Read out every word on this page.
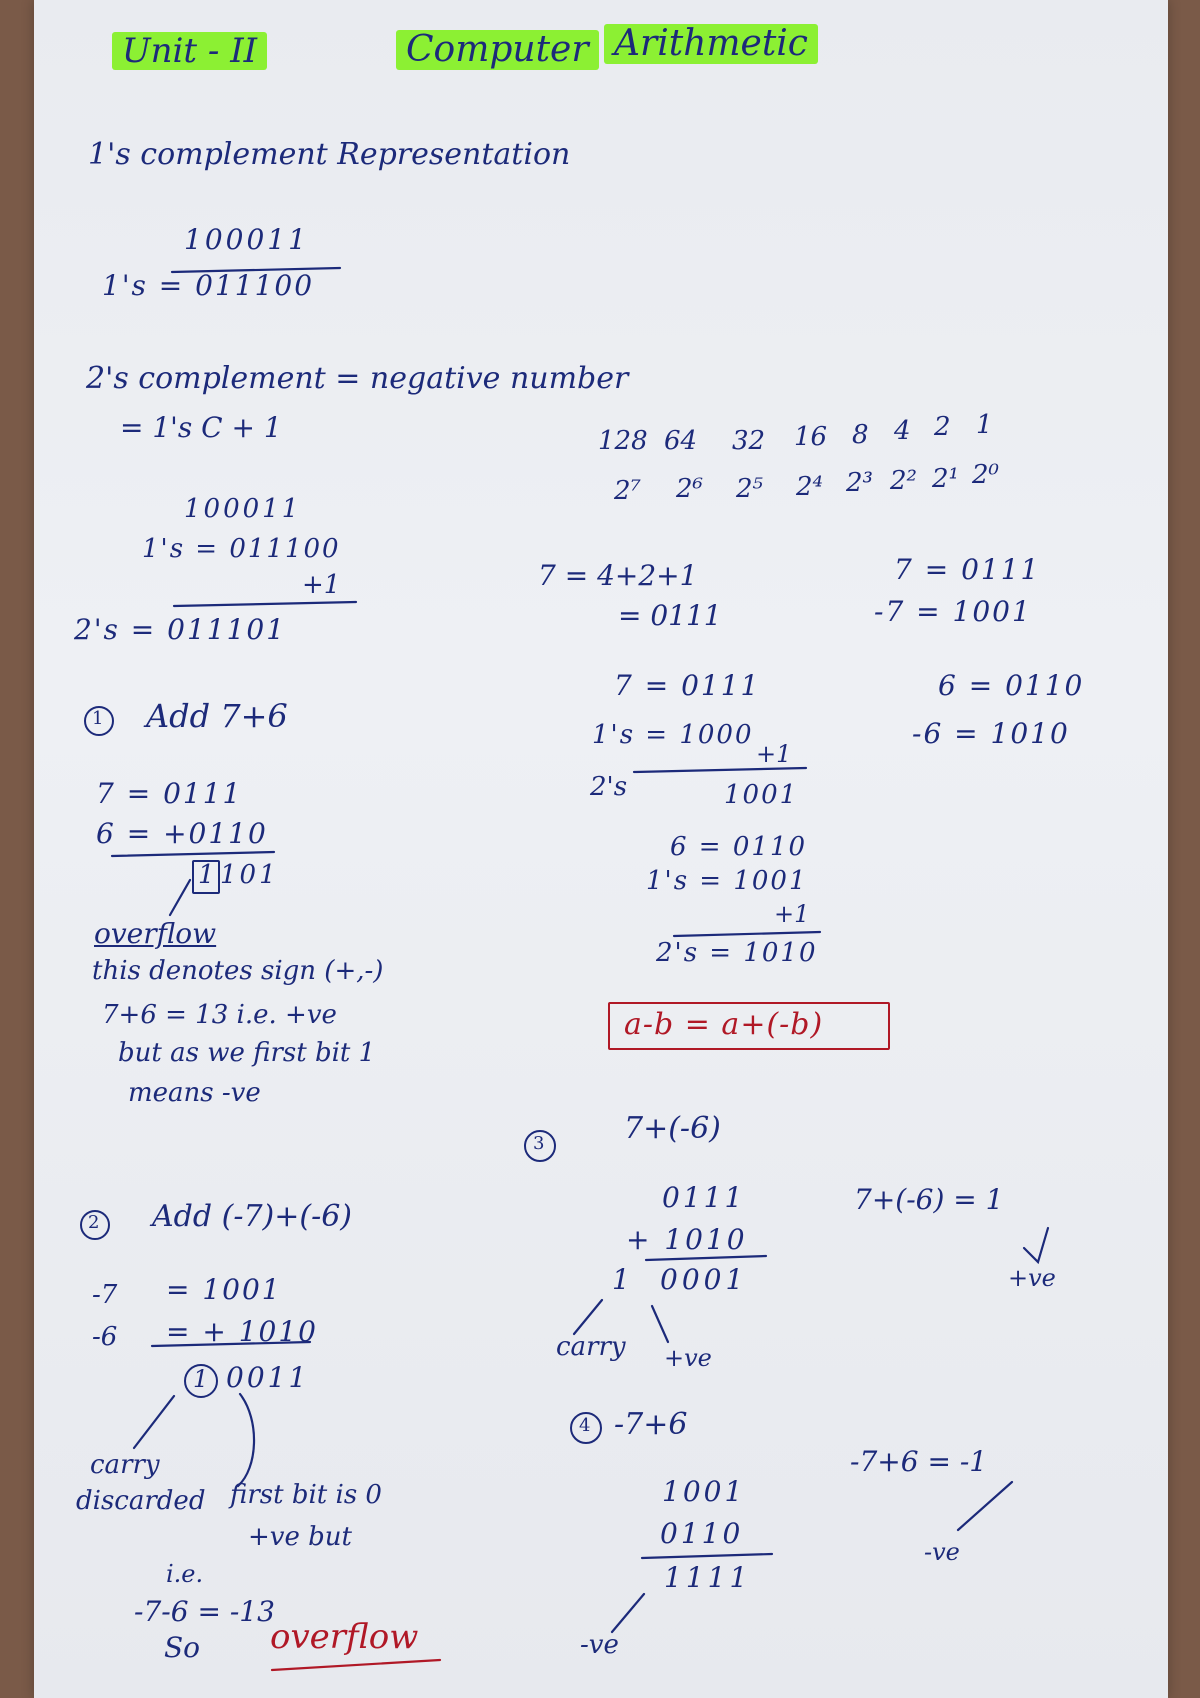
Unit - II	Computer Arithmetic
1's complement Representation
100011
1's = 011100
2's complement = negative number
= 1's C + 1
100011
1's = 011100
+1
2's = 011101
128 64 32 16 8 4 2 1
2⁷ 2⁶ 2⁵ 2⁴ 2³ 2² 2¹ 2⁰
7 = 4+2+1
= 0111
7 = 0111
-7 = 1001
7 = 0111
1's = 1000
+1
2's	1001
6 = 0110
1's = 1001
+1
2's = 1010
6 = 0110
-6 = 1010
a-b = a+(-b)
1 Add 7+6
7 = 0111
6 = +0110
1 101
overflow
this denotes sign (+,-)
7+6 = 13 i.e. +ve
but as we first bit 1
means -ve
2 Add (-7)+(-6)
-7 = 1001
-6 = + 1010
1 0011
carry
discarded first bit is 0
+ve but
i.e.
-7-6 = -13
So overflow
3	7+(-6)
0111
+ 1010
1 0001
carry +ve
7+(-6) = 1
+ve
4 -7+6
1001
0110
1111
-ve
-7+6 = -1
-ve
